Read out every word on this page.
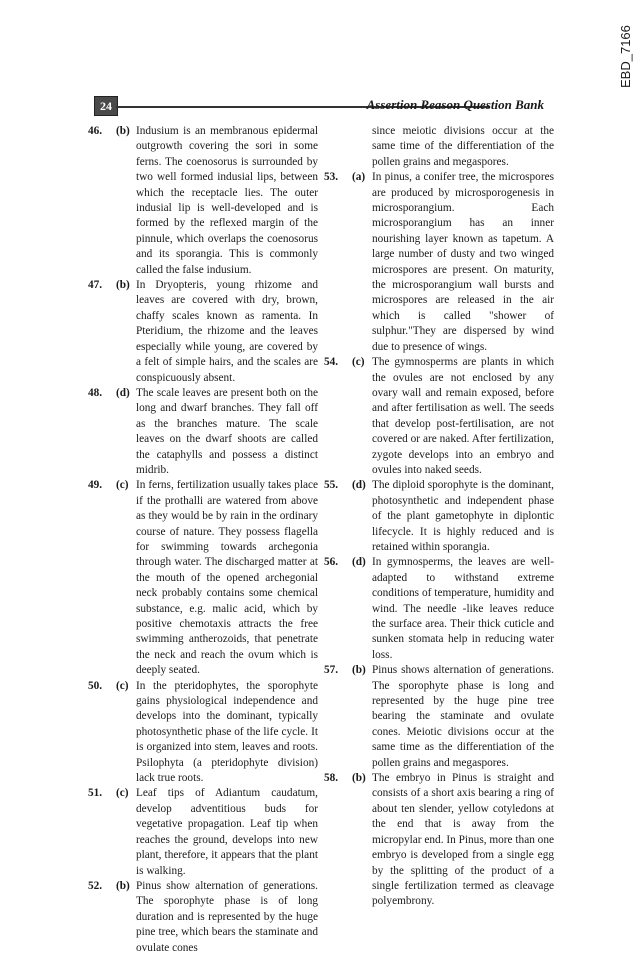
EBD_7166
24	Assertion Reason Question Bank

46. (b) Indusium is an membranous epidermal outgrowth covering the sori in some ferns. The coenosorus is surrounded by two well formed indusial lips, between which the receptacle lies. The outer indusial lip is well-developed and is formed by the reflexed margin of the pinnule, which overlaps the coenosorus and its sporangia. This is commonly called the false indusium.

47. (b) In Dryopteris, young rhizome and leaves are covered with dry, brown, chaffy scales known as ramenta. In Pteridium, the rhizome and the leaves especially while young, are covered by a felt of simple hairs, and the scales are conspicuously absent.

48. (d) The scale leaves are present both on the long and dwarf branches. They fall off as the branches mature. The scale leaves on the dwarf shoots are called the cataphylls and possess a distinct midrib.

49. (c) In ferns, fertilization usually takes place if the prothalli are watered from above as they would be by rain in the ordinary course of nature. They possess flagella for swimming towards archegonia through water. The discharged matter at the mouth of the opened archegonial neck probably contains some chemical substance, e.g. malic acid, which by positive chemotaxis attracts the free swimming antherozoids, that penetrate the neck and reach the ovum which is deeply seated.

50. (c) In the pteridophytes, the sporophyte gains physiological independence and develops into the dominant, typically photosynthetic phase of the life cycle. It is organized into stem, leaves and roots. Psilophyta (a pteridophyte division) lack true roots.

51. (c) Leaf tips of Adiantum caudatum, develop adventitious buds for vegetative propagation. Leaf tip when reaches the ground, develops into new plant, therefore, it appears that the plant is walking.

52. (b) Pinus show alternation of generations. The sporophyte phase is of long duration and is represented by the huge pine tree, which bears the staminate and ovulate cones

since meiotic divisions occur at the same time of the differentiation of the pollen grains and megaspores.

53. (a) In pinus, a conifer tree, the microspores are produced by microsporogenesis in microsporangium. Each microsporangium has an inner nourishing layer known as tapetum. A large number of dusty and two winged microspores are present. On maturity, the microsporangium wall bursts and microspores are released in the air which is called "shower of sulphur."They are dispersed by wind due to presence of wings.

54. (c) The gymnosperms are plants in which the ovules are not enclosed by any ovary wall and remain exposed, before and after fertilisation as well. The seeds that develop post-fertilisation, are not covered or are naked. After fertilization, zygote develops into an embryo and ovules into naked seeds.

55. (d) The diploid sporophyte is the dominant, photosynthetic and independent phase of the plant gametophyte in diplontic lifecycle. It is highly reduced and is retained within sporangia.

56. (d) In gymnosperms, the leaves are well-adapted to withstand extreme conditions of temperature, humidity and wind. The needle -like leaves reduce the surface area. Their thick cuticle and sunken stomata help in reducing water loss.

57. (b) Pinus shows alternation of generations. The sporophyte phase is long and represented by the huge pine tree bearing the staminate and ovulate cones. Meiotic divisions occur at the same time as the differentiation of the pollen grains and megaspores.

58. (b) The embryo in Pinus is straight and consists of a short axis bearing a ring of about ten slender, yellow cotyledons at the end that is away from the micropylar end. In Pinus, more than one embryo is developed from a single egg by the splitting of the product of a single fertilization termed as cleavage polyembrony.
